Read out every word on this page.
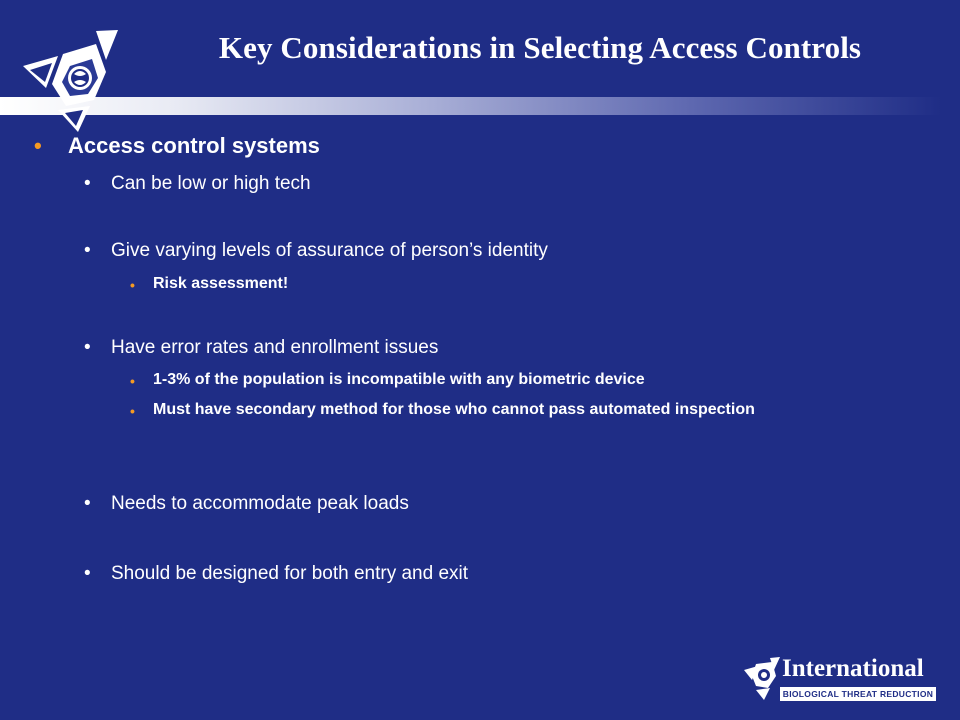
Key Considerations in Selecting Access Controls
• Access control systems
• Can be low or high tech
• Give varying levels of assurance of person’s identity
• Risk assessment!
• Have error rates and enrollment issues
• 1-3% of the population is incompatible with any biometric device
• Must have secondary method for those who cannot pass automated inspection
• Needs to accommodate peak loads
• Should be designed for both entry and exit
International
BIOLOGICAL THREAT REDUCTION
